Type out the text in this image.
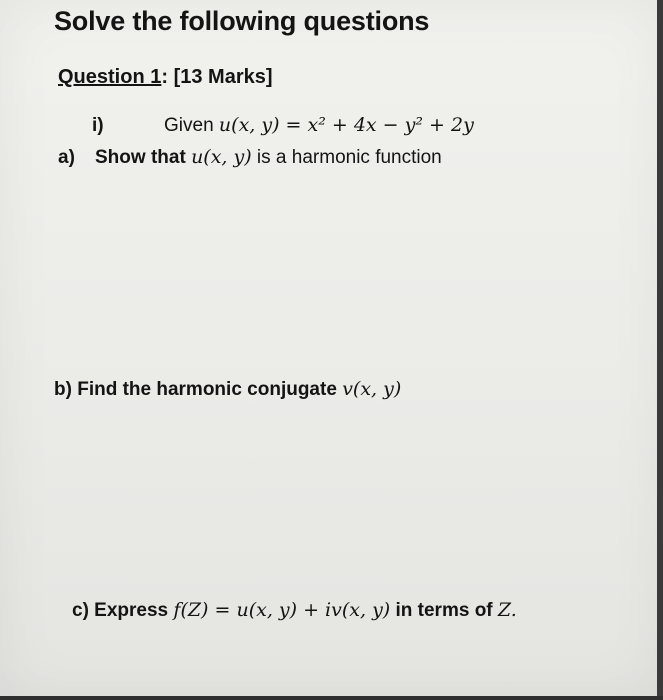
Solve the following questions
Question 1: [13 Marks]
i)	Given u(x, y) = x² + 4x − y² + 2y
a) Show that u(x, y) is a harmonic function
b) Find the harmonic conjugate v(x, y)
c) Express f(Z) = u(x, y) + iv(x, y) in terms of Z.
